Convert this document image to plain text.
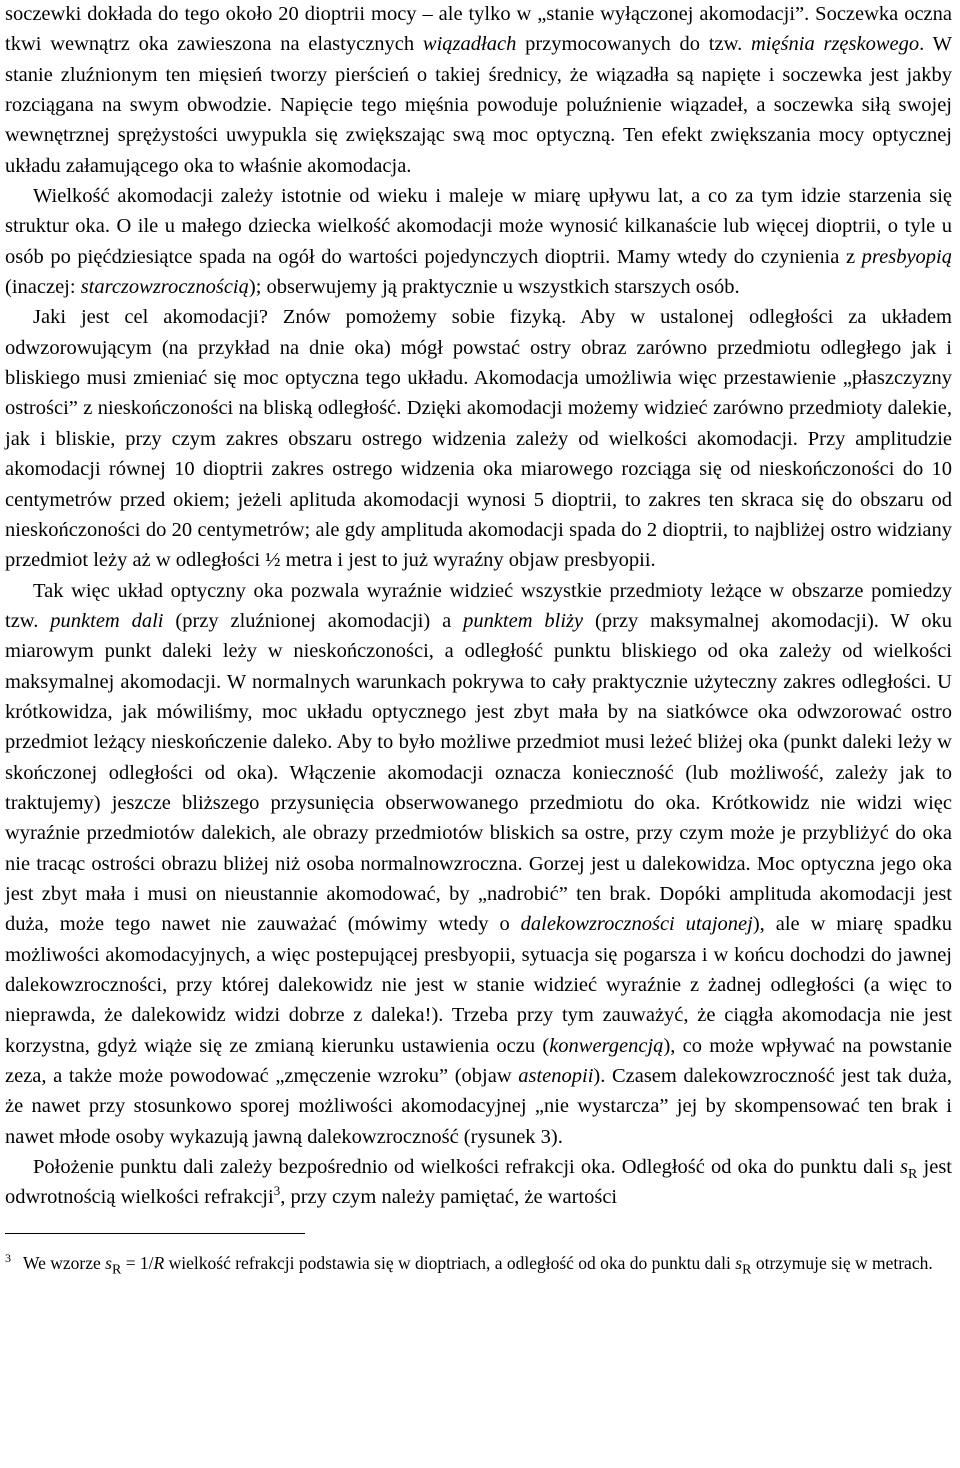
soczewki dokłada do tego około 20 dioptrii mocy – ale tylko w „stanie wyłączonej akomodacji”. Soczewka oczna tkwi wewnątrz oka zawieszona na elastycznych wiązadłach przymocowanych do tzw. mięśnia rzęskowego. W stanie zluźnionym ten mięsień tworzy pierścień o takiej średnicy, że wiązadła są napięte i soczewka jest jakby rozciągana na swym obwodzie. Napięcie tego mięśnia powoduje poluźnienie wiązadeł, a soczewka siłą swojej wewnętrznej sprężystości uwypukla się zwiększając swą moc optyczną. Ten efekt zwiększania mocy optycznej układu załamującego oka to właśnie akomodacja.

Wielkość akomodacji zależy istotnie od wieku i maleje w miarę upływu lat, a co za tym idzie starzenia się struktur oka. O ile u małego dziecka wielkość akomodacji może wynosić kilkanaście lub więcej dioptrii, o tyle u osób po pięćdziesiątce spada na ogół do wartości pojedynczych dioptrii. Mamy wtedy do czynienia z presbyopią (inaczej: starczowzrocznością); obserwujemy ją praktycznie u wszystkich starszych osób.

Jaki jest cel akomodacji? Znów pomożemy sobie fizyką. Aby w ustalonej odległości za układem odwzorowującym (na przykład na dnie oka) mógł powstać ostry obraz zarówno przedmiotu odległego jak i bliskiego musi zmieniać się moc optyczna tego układu. Akomodacja umożliwia więc przestawienie „płaszczyzny ostrości” z nieskończoności na bliską odległość. Dzięki akomodacji możemy widzieć zarówno przedmioty dalekie, jak i bliskie, przy czym zakres obszaru ostrego widzenia zależy od wielkości akomodacji. Przy amplitudzie akomodacji równej 10 dioptrii zakres ostrego widzenia oka miarowego rozciąga się od nieskończoności do 10 centymetrów przed okiem; jeżeli aplituda akomodacji wynosi 5 dioptrii, to zakres ten skraca się do obszaru od nieskończoności do 20 centymetrów; ale gdy amplituda akomodacji spada do 2 dioptrii, to najbliżej ostro widziany przedmiot leży aż w odległości ½ metra i jest to już wyraźny objaw presbyopii.

Tak więc układ optyczny oka pozwala wyraźnie widzieć wszystkie przedmioty leżące w obszarze pomiedzy tzw. punktem dali (przy zluźnionej akomodacji) a punktem bliży (przy maksymalnej akomodacji). W oku miarowym punkt daleki leży w nieskończoności, a odległość punktu bliskiego od oka zależy od wielkości maksymalnej akomodacji. W normalnych warunkach pokrywa to cały praktycznie użyteczny zakres odległości. U krótkowidza, jak mówiliśmy, moc układu optycznego jest zbyt mała by na siatkówce oka odwzorować ostro przedmiot leżący nieskończenie daleko. Aby to było możliwe przedmiot musi leżeć bliżej oka (punkt daleki leży w skończonej odległości od oka). Włączenie akomodacji oznacza konieczność (lub możliwość, zależy jak to traktujemy) jeszcze bliższego przysunięcia obserwowanego przedmiotu do oka. Krótkowidz nie widzi więc wyraźnie przedmiotów dalekich, ale obrazy przedmiotów bliskich sa ostre, przy czym może je przybliżyć do oka nie tracąc ostrości obrazu bliżej niż osoba normalnowzroczna. Gorzej jest u dalekowidza. Moc optyczna jego oka jest zbyt mała i musi on nieustannie akomodować, by „nadrobić” ten brak. Dopóki amplituda akomodacji jest duża, może tego nawet nie zauważać (mówimy wtedy o dalekowzroczności utajonej), ale w miarę spadku możliwości akomodacyjnych, a więc postepującej presbyopii, sytuacja się pogarsza i w końcu dochodzi do jawnej dalekowzroczności, przy której dalekowidz nie jest w stanie widzieć wyraźnie z żadnej odległości (a więc to nieprawda, że dalekowidz widzi dobrze z daleka!). Trzeba przy tym zauważyć, że ciągła akomodacja nie jest korzystna, gdyż wiąże się ze zmianą kierunku ustawienia oczu (konwergencją), co może wpływać na powstanie zeza, a także może powodować „zmęczenie wzroku” (objaw astenopii). Czasem dalekowzroczność jest tak duża, że nawet przy stosunkowo sporej możliwości akomodacyjnej „nie wystarcza” jej by skompensować ten brak i nawet młode osoby wykazują jawną dalekowzroczność (rysunek 3).

Położenie punktu dali zależy bezpośrednio od wielkości refrakcji oka. Odległość od oka do punktu dali $s_R$ jest odwrotnością wielkości refrakcji$^3$, przy czym należy pamiętać, że wartości

$^3$ We wzorze $s_R = 1/R$ wielkość refrakcji podstawia się w dioptriach, a odległość od oka do punktu dali $s_R$ otrzymuje się w metrach.
